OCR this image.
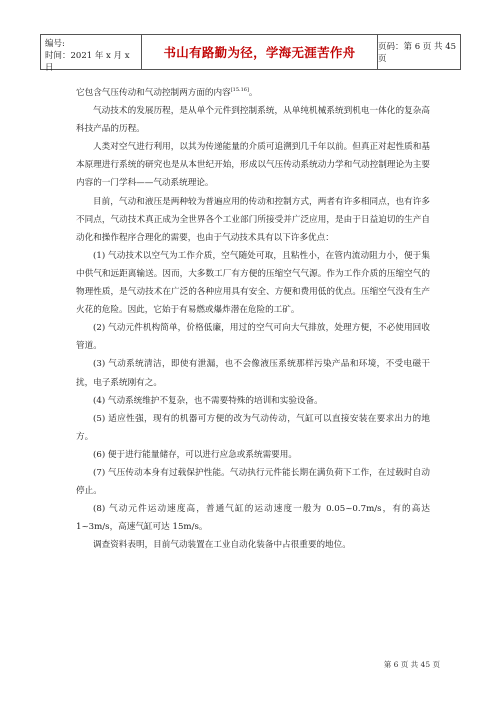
编号:
时间：2021 年 x 月 x 日
书山有路勤为径，学海无涯苦作舟	页码：第 6 页 共 45 页

它包含气压传动和气动控制两方面的内容[15.16]。

气动技术的发展历程，是从单个元件到控制系统，从单纯机械系统到机电一体化的复杂高科技产品的历程。

人类对空气进行利用，以其为传递能量的介质可追溯到几千年以前。但真正对起性质和基本原理进行系统的研究也是从本世纪开始，形成以气压传动系统动力学和气动控制理论为主要内容的一门学科——气动系统理论。

目前，气动和液压是两种较为普遍应用的传动和控制方式，两者有许多相同点，也有许多不同点，气动技术真正成为全世界各个工业部门所接受并广泛应用，是由于日益迫切的生产自动化和操作程序合理化的需要，也由于气动技术具有以下许多优点：

(1) 气动技术以空气为工作介质，空气随处可取，且粘性小，在管内流动阻力小，便于集中供气和远距离输送。因而，大多数工厂有方便的压缩空气气源。作为工作介质的压缩空气的物理性质，是气动技术在广泛的各种应用具有安全、方便和费用低的优点。压缩空气没有生产火花的危险。因此，它始于有易燃或爆炸潜在危险的工矿。

(2) 气动元件机构简单，价格低廉，用过的空气可向大气排放，处理方便，不必使用回收管道。

(3) 气动系统清洁，即使有泄漏，也不会像液压系统那样污染产品和环境，不受电磁干扰，电子系统刚有之。

(4) 气动系统维护不复杂，也不需要特殊的培训和实验设备。

(5) 适应性强，现有的机器可方便的改为气动传动，气缸可以直接安装在要求出力的地方。

(6) 便于进行能量储存，可以进行应急或系统需要用。

(7) 气压传动本身有过载保护性能。气动执行元件能长期在满负荷下工作，在过载时自动停止。

(8) 气动元件运动速度高，普通气缸的运动速度一般为 0.05~0.7m/s，有的高达 1~3m/s，高速气缸可达 15m/s。

调查资料表明，目前气动装置在工业自动化装备中占很重要的地位。

第 6 页 共 45 页
